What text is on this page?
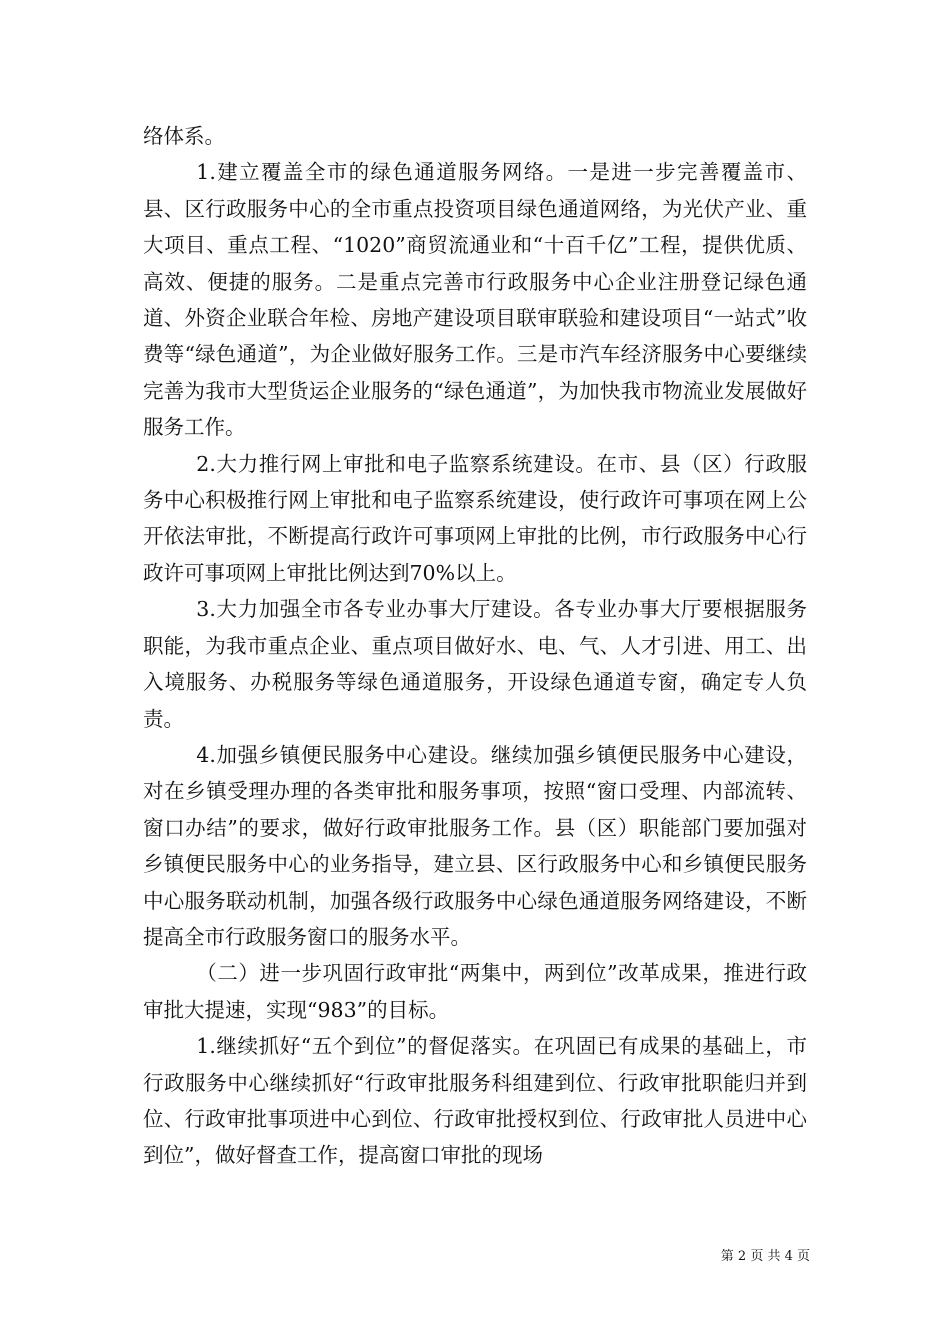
络体系。

1.建立覆盖全市的绿色通道服务网络。一是进一步完善覆盖市、县、区行政服务中心的全市重点投资项目绿色通道网络，为光伏产业、重大项目、重点工程、“1020”商贸流通业和“十百千亿”工程，提供优质、高效、便捷的服务。二是重点完善市行政服务中心企业注册登记绿色通道、外资企业联合年检、房地产建设项目联审联验和建设项目“一站式”收费等“绿色通道”，为企业做好服务工作。三是市汽车经济服务中心要继续完善为我市大型货运企业服务的“绿色通道”，为加快我市物流业发展做好服务工作。

2.大力推行网上审批和电子监察系统建设。在市、县（区）行政服务中心积极推行网上审批和电子监察系统建设，使行政许可事项在网上公开依法审批，不断提高行政许可事项网上审批的比例，市行政服务中心行政许可事项网上审批比例达到70%以上。

3.大力加强全市各专业办事大厅建设。各专业办事大厅要根据服务职能，为我市重点企业、重点项目做好水、电、气、人才引进、用工、出入境服务、办税服务等绿色通道服务，开设绿色通道专窗，确定专人负责。

4.加强乡镇便民服务中心建设。继续加强乡镇便民服务中心建设，对在乡镇受理办理的各类审批和服务事项，按照“窗口受理、内部流转、窗口办结”的要求，做好行政审批服务工作。县（区）职能部门要加强对乡镇便民服务中心的业务指导，建立县、区行政服务中心和乡镇便民服务中心服务联动机制，加强各级行政服务中心绿色通道服务网络建设，不断提高全市行政服务窗口的服务水平。

（二）进一步巩固行政审批“两集中，两到位”改革成果，推进行政审批大提速，实现“983”的目标。

1.继续抓好“五个到位”的督促落实。在巩固已有成果的基础上，市行政服务中心继续抓好“行政审批服务科组建到位、行政审批职能归并到位、行政审批事项进中心到位、行政审批授权到位、行政审批人员进中心到位”，做好督查工作，提高窗口审批的现场

第 2 页 共 4 页
